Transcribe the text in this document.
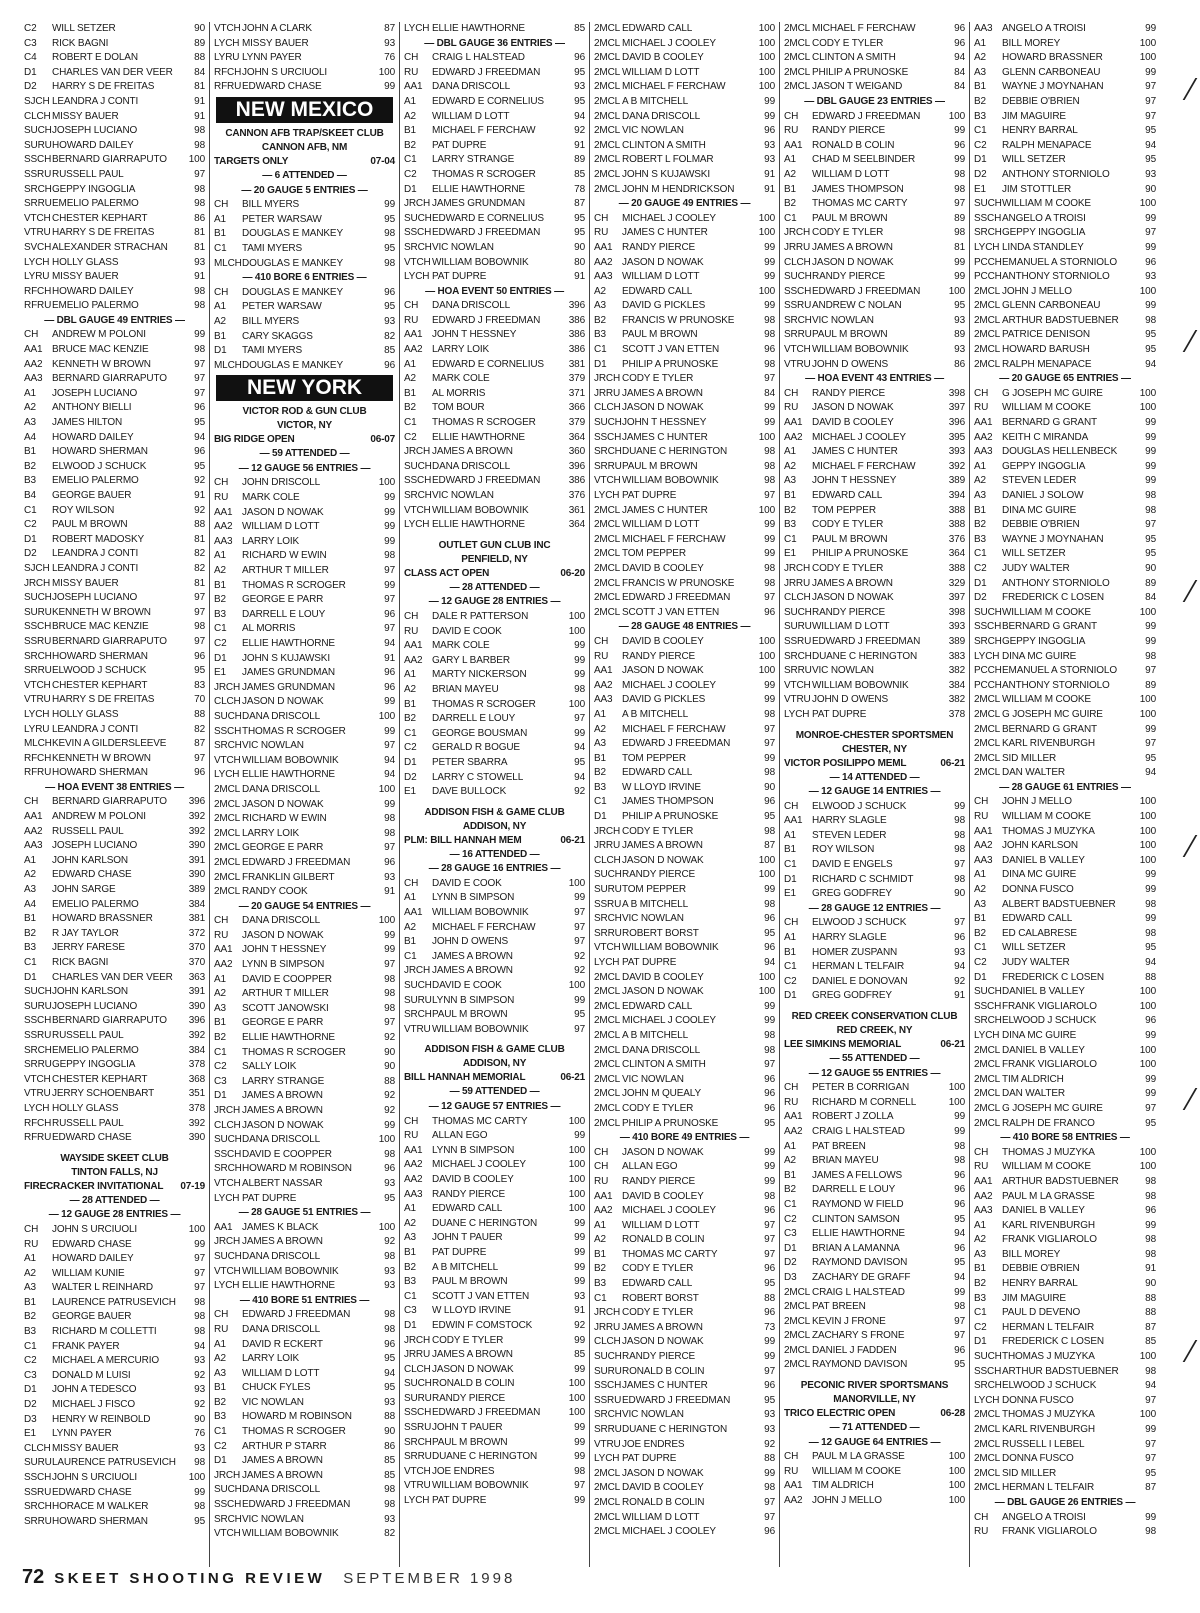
C2	WILL SETZER	90
C3	RICK BAGNI	89
C4	ROBERT E DOLAN	88
D1	CHARLES VAN DER VEER	84
D2	HARRY S DE FREITAS	81
SJCH LEANDRA J CONTI	91
CLCH MISSY BAUER	91
SUCH JOSEPH LUCIANO	98
SURU HOWARD DAILEY	98
SSCH BERNARD GIARRAPUTO	100
SSRU RUSSELL PAUL	97
SRCH GEPPY INGOGLIA	98
SRRU EMELIO PALERMO	98
VTCH CHESTER KEPHART	86
VTRU HARRY S DE FREITAS	81
SVCH ALEXANDER STRACHAN	81
LYCH HOLLY GLASS	93
LYRU MISSY BAUER	91
RFCH HOWARD DAILEY	98
RFRU EMELIO PALERMO	98
— DBL GAUGE 49 ENTRIES —
CH	ANDREW M POLONI	99
AA1 BRUCE MAC KENZIE	98
AA2 KENNETH W BROWN	97
AA3 BERNARD GIARRAPUTO	97
A1	JOSEPH LUCIANO	97
A2	ANTHONY BIELLI	96
A3	JAMES HILTON	95
A4	HOWARD DAILEY	94
B1	HOWARD SHERMAN	96
B2	ELWOOD J SCHUCK	95
B3	EMELIO PALERMO	92
B4	GEORGE BAUER	91
C1	ROY WILSON	92
C2	PAUL M BROWN	88
D1	ROBERT MADOSKY	81
D2	LEANDRA J CONTI	82
SJCH LEANDRA J CONTI	82
JRCH MISSY BAUER	81
SUCH JOSEPH LUCIANO	97
SURU KENNETH W BROWN	97
SSCH BRUCE MAC KENZIE	98
SSRU BERNARD GIARRAPUTO	97
SRCH HOWARD SHERMAN	96
SRRU ELWOOD J SCHUCK	95
VTCH CHESTER KEPHART	83
VTRU HARRY S DE FREITAS	70
LYCH HOLLY GLASS	88
LYRU LEANDRA J CONTI	82
MLCH KEVIN A GILDERSLEEVE	87
RFCH KENNETH W BROWN	97
RFRU HOWARD SHERMAN	96
— HOA EVENT 38 ENTRIES —
CH	BERNARD GIARRAPUTO	396
AA1 ANDREW M POLONI	392
AA2 RUSSELL PAUL	392
AA3 JOSEPH LUCIANO	390
A1	JOHN KARLSON	391
A2	EDWARD CHASE	390
A3	JOHN SARGE	389
A4	EMELIO PALERMO	384
B1	HOWARD BRASSNER	381
B2	R JAY TAYLOR	372
B3	JERRY FARESE	370
C1	RICK BAGNI	370
D1	CHARLES VAN DER VEER	363
SUCH JOHN KARLSON	391
SURU JOSEPH LUCIANO	390
SSCH BERNARD GIARRAPUTO	396
SSRU RUSSELL PAUL	392
SRCH EMELIO PALERMO	384
SRRU GEPPY INGOGLIA	378
VTCH CHESTER KEPHART	368
VTRU JERRY SCHOENBART	351
LYCH HOLLY GLASS	378
RFCH RUSSELL PAUL	392
RFRU EDWARD CHASE	390
WAYSIDE SKEET CLUB
TINTON FALLS, NJ
FIRECRACKER INVITATIONAL 07-19
— 28 ATTENDED —
— 12 GAUGE 28 ENTRIES —
CH	JOHN S URCIUOLI	100
RU	EDWARD CHASE	99
A1	HOWARD DAILEY	97
A2	WILLIAM KUNIE	97
A3	WALTER L REINHARD	97
B1	LAURENCE PATRUSEVICH	98
B2	GEORGE BAUER	98
B3	RICHARD M COLLETTI	98
C1	FRANK PAYER	94
C2	MICHAEL A MERCURIO	93
C3	DONALD M LUISI	92
D1	JOHN A TEDESCO	93
D2	MICHAEL J FISCO	92
D3	HENRY W REINBOLD	90
E1	LYNN PAYER	76
CLCH MISSY BAUER	93
SURU LAURENCE PATRUSEVICH	98
SSCH JOHN S URCIUOLI	100
SSRU EDWARD CHASE	99
SRCH HORACE M WALKER	98
SRRU HOWARD SHERMAN	95
VTCH JOHN A CLARK	87
LYCH MISSY BAUER	93
LYRU LYNN PAYER	76
RFCH JOHN S URCIUOLI	100
RFRU EDWARD CHASE	99
NEW MEXICO
CANNON AFB TRAP/SKEET CLUB
CANNON AFB, NM
TARGETS ONLY	07-04
— 6 ATTENDED —
— 20 GAUGE 5 ENTRIES —
CH	BILL MYERS	99
A1	PETER WARSAW	95
B1	DOUGLAS E MANKEY	98
C1	TAMI MYERS	95
MLCH DOUGLAS E MANKEY	98
— 410 BORE 6 ENTRIES —
CH	DOUGLAS E MANKEY	96
A1	PETER WARSAW	95
A2	BILL MYERS	93
B1	CARY SKAGGS	82
D1	TAMI MYERS	85
MLCH DOUGLAS E MANKEY	96
NEW YORK
VICTOR ROD & GUN CLUB
VICTOR, NY
BIG RIDGE OPEN	06-07
— 59 ATTENDED —
— 12 GAUGE 56 ENTRIES —
CH	JOHN DRISCOLL	100
RU	MARK COLE	99
AA1 JASON D NOWAK	99
AA2 WILLIAM D LOTT	99
AA3 LARRY LOIK	99
A1	RICHARD W EWIN	98
A2	ARTHUR T MILLER	97
B1	THOMAS R SCROGER	99
B2	GEORGE E PARR	97
B3	DARRELL E LOUY	96
C1	AL MORRIS	97
C2	ELLIE HAWTHORNE	94
D1	JOHN S KUJAWSKI	91
E1	JAMES GRUNDMAN	96
JRCH JAMES GRUNDMAN	96
CLCH JASON D NOWAK	99
SUCH DANA DRISCOLL	100
SSCH THOMAS R SCROGER	99
SRCH VIC NOWLAN	97
VTCH WILLIAM BOBOWNIK	94
LYCH ELLIE HAWTHORNE	94
2MCL DANA DRISCOLL	100
2MCL JASON D NOWAK	99
2MCL RICHARD W EWIN	98
2MCL LARRY LOIK	98
2MCL GEORGE E PARR	97
2MCL EDWARD J FREEDMAN	96
2MCL FRANKLIN GILBERT	93
2MCL RANDY COOK	91
— 20 GAUGE 54 ENTRIES —
CH	DANA DRISCOLL	100
RU	JASON D NOWAK	99
AA1 JOHN T HESSNEY	99
AA2 LYNN B SIMPSON	97
A1	DAVID E COOPPER	98
A2	ARTHUR T MILLER	98
A3	SCOTT JANOWSKI	98
B1	GEORGE E PARR	97
B2	ELLIE HAWTHORNE	92
C1	THOMAS R SCROGER	90
C2	SALLY LOIK	90
C3	LARRY STRANGE	88
D1	JAMES A BROWN	92
JRCH JAMES A BROWN	92
CLCH JASON D NOWAK	99
SUCH DANA DRISCOLL	100
SSCH DAVID E COOPPER	98
SRCH HOWARD M ROBINSON	96
VTCH ALBERT NASSAR	93
LYCH PAT DUPRE	95
— 28 GAUGE 51 ENTRIES —
AA1 JAMES K BLACK	100
JRCH JAMES A BROWN	92
SUCH DANA DRISCOLL	98
VTCH WILLIAM BOBOWNIK	93
LYCH ELLIE HAWTHORNE	93
— 410 BORE 51 ENTRIES —
CH	EDWARD J FREEDMAN	98
RU	DANA DRISCOLL	98
A1	DAVID R ECKERT	96
A2	LARRY LOIK	95
A3	WILLIAM D LOTT	94
B1	CHUCK FYLES	95
B2	VIC NOWLAN	93
B3	HOWARD M ROBINSON	88
C1	THOMAS R SCROGER	90
C2	ARTHUR P STARR	86
D1	JAMES A BROWN	85
JRCH JAMES A BROWN	85
SUCH DANA DRISCOLL	98
SSCH EDWARD J FREEDMAN	98
SRCH VIC NOWLAN	93
VTCH WILLIAM BOBOWNIK	82
LYCH ELLIE HAWTHORNE	85
— DBL GAUGE 36 ENTRIES —
CH	CRAIG L HALSTEAD	96
RU	EDWARD J FREEDMAN	95
AA1 DANA DRISCOLL	93
A1	EDWARD E CORNELIUS	95
A2	WILLIAM D LOTT	94
B1	MICHAEL F FERCHAW	92
B2	PAT DUPRE	91
C1	LARRY STRANGE	89
C2	THOMAS R SCROGER	85
D1	ELLIE HAWTHORNE	78
JRCH JAMES GRUNDMAN	87
SUCH EDWARD E CORNELIUS	95
SSCH EDWARD J FREEDMAN	95
SRCH VIC NOWLAN	90
VTCH WILLIAM BOBOWNIK	80
LYCH PAT DUPRE	91
— HOA EVENT 50 ENTRIES —
CH	DANA DRISCOLL	396
RU	EDWARD J FREEDMAN	386
AA1 JOHN T HESSNEY	386
AA2 LARRY LOIK	386
A1	EDWARD E CORNELIUS	381
A2	MARK COLE	379
B1	AL MORRIS	371
B2	TOM BOUR	366
C1	THOMAS R SCROGER	379
C2	ELLIE HAWTHORNE	364
JRCH JAMES A BROWN	360
SUCH DANA DRISCOLL	396
SSCH EDWARD J FREEDMAN	386
SRCH VIC NOWLAN	376
VTCH WILLIAM BOBOWNIK	361
LYCH ELLIE HAWTHORNE	364
OUTLET GUN CLUB INC
PENFIELD, NY
CLASS ACT OPEN	06-20
— 28 ATTENDED —
— 12 GAUGE 28 ENTRIES —
CH	DALE R PATTERSON	100
RU	DAVID E COOK	100
AA1 MARK COLE	99
AA2 GARY L BARBER	99
A1	MARTY NICKERSON	99
A2	BRIAN MAYEU	98
B1	THOMAS R SCROGER	100
B2	DARRELL E LOUY	97
C1	GEORGE BOUSMAN	99
C2	GERALD R BOGUE	94
D1	PETER SBARRA	95
D2	LARRY C STOWELL	94
E1	DAVE BULLOCK	92
ADDISON FISH & GAME CLUB
ADDISON, NY
PLM: BILL HANNAH MEM	06-21
— 16 ATTENDED —
— 28 GAUGE 16 ENTRIES —
CH	DAVID E COOK	100
A1	LYNN B SIMPSON	99
AA1 WILLIAM BOBOWNIK	97
A2	MICHAEL F FERCHAW	97
B1	JOHN D OWENS	97
C1	JAMES A BROWN	92
JRCH JAMES A BROWN	92
SUCH DAVID E COOK	100
SURU LYNN B SIMPSON	99
SRCH PAUL M BROWN	95
VTRU WILLIAM BOBOWNIK	97
ADDISON FISH & GAME CLUB
ADDISON, NY
BILL HANNAH MEMORIAL	06-21
— 59 ATTENDED —
— 12 GAUGE 57 ENTRIES —
CH	THOMAS MC CARTY	100
RU	ALLAN EGO	99
AA1 LYNN B SIMPSON	100
AA2 MICHAEL J COOLEY	100
AA2 DAVID B COOLEY	100
AA3 RANDY PIERCE	100
A1	EDWARD CALL	100
A2	DUANE C HERINGTON	99
A3	JOHN T PAUER	99
B1	PAT DUPRE	99
B2	A B MITCHELL	99
B3	PAUL M BROWN	99
C1	SCOTT J VAN ETTEN	93
C3	W LLOYD IRVINE	91
D1	EDWIN F COMSTOCK	92
JRCH CODY E TYLER	99
JRRU JAMES A BROWN	85
CLCH JASON D NOWAK	99
SUCH RONALD B COLIN	100
SURU RANDY PIERCE	100
SSCH EDWARD J FREEDMAN	100
SSRU JOHN T PAUER	99
SRCH PAUL M BROWN	99
SRRU DUANE C HERINGTON	99
VTCH JOE ENDRES	98
VTRU WILLIAM BOBOWNIK	97
LYCH PAT DUPRE	99
2MCL EDWARD CALL	100
2MCL MICHAEL J COOLEY	100
2MCL DAVID B COOLEY	100
2MCL WILLIAM D LOTT	100
2MCL MICHAEL F FERCHAW	100
2MCL A B MITCHELL	99
2MCL DANA DRISCOLL	99
2MCL VIC NOWLAN	96
2MCL CLINTON A SMITH	93
2MCL ROBERT L FOLMAR	93
2MCL JOHN S KUJAWSKI	91
2MCL JOHN M HENDRICKSON	91
— 20 GAUGE 49 ENTRIES —
CH	MICHAEL J COOLEY	100
RU	JAMES C HUNTER	100
AA1 RANDY PIERCE	99
AA2 JASON D NOWAK	99
AA3 WILLIAM D LOTT	99
A2	EDWARD CALL	100
A3	DAVID G PICKLES	99
B2	FRANCIS W PRUNOSKE	98
B3	PAUL M BROWN	98
C1	SCOTT J VAN ETTEN	96
D1	PHILIP A PRUNOSKE	98
JRCH CODY E TYLER	97
JRRU JAMES A BROWN	84
CLCH JASON D NOWAK	99
SUCH JOHN T HESSNEY	99
SSCH JAMES C HUNTER	100
SRCH DUANE C HERINGTON	98
SRRU PAUL M BROWN	98
VTCH WILLIAM BOBOWNIK	98
LYCH PAT DUPRE	97
2MCL JAMES C HUNTER	100
2MCL WILLIAM D LOTT	99
2MCL MICHAEL F FERCHAW	99
2MCL TOM PEPPER	99
2MCL DAVID B COOLEY	98
2MCL FRANCIS W PRUNOSKE	98
2MCL EDWARD J FREEDMAN	97
2MCL SCOTT J VAN ETTEN	96
— 28 GAUGE 48 ENTRIES —
CH	DAVID B COOLEY	100
RU	RANDY PIERCE	100
AA1 JASON D NOWAK	100
AA2 MICHAEL J COOLEY	99
AA3 DAVID G PICKLES	99
A1	A B MITCHELL	98
A2	MICHAEL F FERCHAW	97
A3	EDWARD J FREEDMAN	97
B1	TOM PEPPER	99
B2	EDWARD CALL	98
B3	W LLOYD IRVINE	90
C1	JAMES THOMPSON	96
D1	PHILIP A PRUNOSKE	95
JRCH CODY E TYLER	98
JRRU JAMES A BROWN	87
CLCH JASON D NOWAK	100
SUCH RANDY PIERCE	100
SURU TOM PEPPER	99
SSRU A B MITCHELL	98
SRCH VIC NOWLAN	96
SRRU ROBERT BORST	95
VTCH WILLIAM BOBOWNIK	96
LYCH PAT DUPRE	94
2MCL DAVID B COOLEY	100
2MCL JASON D NOWAK	100
2MCL EDWARD CALL	99
2MCL MICHAEL J COOLEY	99
2MCL A B MITCHELL	98
2MCL DANA DRISCOLL	98
2MCL CLINTON A SMITH	97
2MCL VIC NOWLAN	96
2MCL JOHN M QUEALY	96
2MCL CODY E TYLER	96
2MCL PHILIP A PRUNOSKE	95
— 410 BORE 49 ENTRIES —
CH	JASON D NOWAK	99
CH	ALLAN EGO	99
RU	RANDY PIERCE	99
AA1 DAVID B COOLEY	98
AA2 MICHAEL J COOLEY	96
A1	WILLIAM D LOTT	97
A2	RONALD B COLIN	97
B1	THOMAS MC CARTY	97
B2	CODY E TYLER	96
B3	EDWARD CALL	95
C1	ROBERT BORST	88
JRCH CODY E TYLER	96
JRRU JAMES A BROWN	73
CLCH JASON D NOWAK	99
SUCH RANDY PIERCE	99
SURU RONALD B COLIN	97
SSCH JAMES C HUNTER	96
SSRU EDWARD J FREEDMAN	95
SRCH VIC NOWLAN	93
SRRU DUANE C HERINGTON	93
VTRU JOE ENDRES	92
LYCH PAT DUPRE	88
2MCL JASON D NOWAK	99
2MCL DAVID B COOLEY	98
2MCL RONALD B COLIN	97
2MCL WILLIAM D LOTT	97
2MCL MICHAEL J COOLEY	96
2MCL MICHAEL F FERCHAW	96
2MCL CODY E TYLER	96
2MCL CLINTON A SMITH	94
2MCL PHILIP A PRUNOSKE	84
2MCL JASON T WEIGAND	84
— DBL GAUGE 23 ENTRIES —
CH	EDWARD J FREEDMAN	100
RU	RANDY PIERCE	99
AA1 RONALD B COLIN	96
A1	CHAD M SEELBINDER	99
A2	WILLIAM D LOTT	98
B1	JAMES THOMPSON	98
B2	THOMAS MC CARTY	97
C1	PAUL M BROWN	89
JRCH CODY E TYLER	98
JRRU JAMES A BROWN	81
CLCH JASON D NOWAK	99
SUCH RANDY PIERCE	99
SSCH EDWARD J FREEDMAN	100
SSRU ANDREW C NOLAN	95
SRCH VIC NOWLAN	93
SRRU PAUL M BROWN	89
VTCH WILLIAM BOBOWNIK	93
VTRU JOHN D OWENS	86
— HOA EVENT 43 ENTRIES —
CH	RANDY PIERCE	398
RU	JASON D NOWAK	397
AA1 DAVID B COOLEY	396
AA2 MICHAEL J COOLEY	395
A1	JAMES C HUNTER	393
A2	MICHAEL F FERCHAW	392
A3	JOHN T HESSNEY	389
B1	EDWARD CALL	394
B2	TOM PEPPER	388
B3	CODY E TYLER	388
C1	PAUL M BROWN	376
E1	PHILIP A PRUNOSKE	364
JRCH CODY E TYLER	388
JRRU JAMES A BROWN	329
CLCH JASON D NOWAK	397
SUCH RANDY PIERCE	398
SURU WILLIAM D LOTT	393
SSRU EDWARD J FREEDMAN	389
SRCH DUANE C HERINGTON	383
SRRU VIC NOWLAN	382
VTCH WILLIAM BOBOWNIK	384
VTRU JOHN D OWENS	382
LYCH PAT DUPRE	378
MONROE-CHESTER SPORTSMEN
CHESTER, NY
VICTOR POSILIPPO MEML	06-21
— 14 ATTENDED —
— 12 GAUGE 14 ENTRIES —
CH	ELWOOD J SCHUCK	99
AA1 HARRY SLAGLE	98
A1	STEVEN LEDER	98
B1	ROY WILSON	98
C1	DAVID E ENGELS	97
D1	RICHARD C SCHMIDT	98
E1	GREG GODFREY	90
— 28 GAUGE 12 ENTRIES —
CH	ELWOOD J SCHUCK	97
A1	HARRY SLAGLE	96
B1	HOMER ZUSPANN	93
C1	HERMAN L TELFAIR	94
C2	DANIEL E DONOVAN	92
D1	GREG GODFREY	91
RED CREEK CONSERVATION CLUB
RED CREEK, NY
LEE SIMKINS MEMORIAL	06-21
— 55 ATTENDED —
— 12 GAUGE 55 ENTRIES —
CH	PETER B CORRIGAN	100
RU	RICHARD M CORNELL	100
AA1 ROBERT J ZOLLA	99
AA2 CRAIG L HALSTEAD	99
A1	PAT BREEN	98
A2	BRIAN MAYEU	98
B1	JAMES A FELLOWS	96
B2	DARRELL E LOUY	96
C1	RAYMOND W FIELD	96
C2	CLINTON SAMSON	95
C3	ELLIE HAWTHORNE	94
D1	BRIAN A LAMANNA	96
D2	RAYMOND DAVISON	95
D3	ZACHARY DE GRAFF	94
2MCL CRAIG L HALSTEAD	99
2MCL PAT BREEN	98
2MCL KEVIN J FRONE	97
2MCL ZACHARY S FRONE	97
2MCL DANIEL J FADDEN	96
2MCL RAYMOND DAVISON	95
PECONIC RIVER SPORTSMANS
MANORVILLE, NY
TRICO ELECTRIC OPEN	06-28
— 71 ATTENDED —
— 12 GAUGE 64 ENTRIES —
CH	PAUL M LA GRASSE	100
RU	WILLIAM M COOKE	100
AA1 TIM ALDRICH	100
AA2 JOHN J MELLO	100
AA3 ANGELO A TROISI	99
A1	BILL MOREY	100
A2	HOWARD BRASSNER	100
A3	GLENN CARBONEAU	99
B1	WAYNE J MOYNAHAN	97
B2	DEBBIE O'BRIEN	97
B3	JIM MAGUIRE	97
C1	HENRY BARRAL	95
C2	RALPH MENAPACE	94
D1	WILL SETZER	95
D2	ANTHONY STORNIOLO	93
E1	JIM STOTTLER	90
SUCH WILLIAM M COOKE	100
SSCH ANGELO A TROISI	99
SRCH GEPPY INGOGLIA	97
LYCH LINDA STANDLEY	99
PCCH EMANUEL A STORNIOLO	96
PCCH ANTHONY STORNIOLO	93
2MCL JOHN J MELLO	100
2MCL GLENN CARBONEAU	99
2MCL ARTHUR BADSTUEBNER	98
2MCL PATRICE DENISON	95
2MCL HOWARD BARUSH	95
2MCL RALPH MENAPACE	94
— 20 GAUGE 65 ENTRIES —
CH	G JOSEPH MC GUIRE	100
RU	WILLIAM M COOKE	100
AA1 BERNARD G GRANT	99
AA2 KEITH C MIRANDA	99
AA3 DOUGLAS HELLENBECK	99
A1	GEPPY INGOGLIA	99
A2	STEVEN LEDER	99
A3	DANIEL J SOLOW	98
B1	DINA MC GUIRE	98
B2	DEBBIE O'BRIEN	97
B3	WAYNE J MOYNAHAN	95
C1	WILL SETZER	95
C2	JUDY WALTER	90
D1	ANTHONY STORNIOLO	89
D2	FREDERICK C LOSEN	84
SUCH WILLIAM M COOKE	100
SSCH BERNARD G GRANT	99
SRCH GEPPY INGOGLIA	99
LYCH DINA MC GUIRE	98
PCCH EMANUEL A STORNIOLO	97
PCCH ANTHONY STORNIOLO	89
2MCL WILLIAM M COOKE	100
2MCL G JOSEPH MC GUIRE	100
2MCL BERNARD G GRANT	99
2MCL KARL RIVENBURGH	97
2MCL SID MILLER	95
2MCL DAN WALTER	94
— 28 GAUGE 61 ENTRIES —
CH	JOHN J MELLO	100
RU	WILLIAM M COOKE	100
AA1 THOMAS J MUZYKA	100
AA2 JOHN KARLSON	100
AA3 DANIEL B VALLEY	100
A1	DINA MC GUIRE	99
A2	DONNA FUSCO	99
A3	ALBERT BADSTUEBNER	98
B1	EDWARD CALL	99
B2	ED CALABRESE	98
C1	WILL SETZER	95
C2	JUDY WALTER	94
D1	FREDERICK C LOSEN	88
SUCH DANIEL B VALLEY	100
SSCH FRANK VIGLIAROLO	100
SRCH ELWOOD J SCHUCK	96
LYCH DINA MC GUIRE	99
2MCL DANIEL B VALLEY	100
2MCL FRANK VIGLIAROLO	100
2MCL TIM ALDRICH	99
2MCL DAN WALTER	99
2MCL G JOSEPH MC GUIRE	97
2MCL RALPH DE FRANCO	95
— 410 BORE 58 ENTRIES —
CH	THOMAS J MUZYKA	100
RU	WILLIAM M COOKE	100
AA1 ARTHUR BADSTUEBNER	98
AA2 PAUL M LA GRASSE	98
AA3 DANIEL B VALLEY	96
A1	KARL RIVENBURGH	99
A2	FRANK VIGLIAROLO	98
A3	BILL MOREY	98
B1	DEBBIE O'BRIEN	91
B2	HENRY BARRAL	90
B3	JIM MAGUIRE	88
C1	PAUL D DEVENO	88
C2	HERMAN L TELFAIR	87
D1	FREDERICK C LOSEN	85
SUCH THOMAS J MUZYKA	100
SSCH ARTHUR BADSTUEBNER	98
SRCH ELWOOD J SCHUCK	94
LYCH DONNA FUSCO	97
2MCL THOMAS J MUZYKA	100
2MCL KARL RIVENBURGH	99
2MCL RUSSELL I LEBEL	97
2MCL DONNA FUSCO	97
2MCL SID MILLER	95
2MCL HERMAN L TELFAIR	87
— DBL GAUGE 26 ENTRIES —
CH	ANGELO A TROISI	99
RU	FRANK VIGLIAROLO	98
72 SKEET SHOOTING REVIEW SEPTEMBER 1998
